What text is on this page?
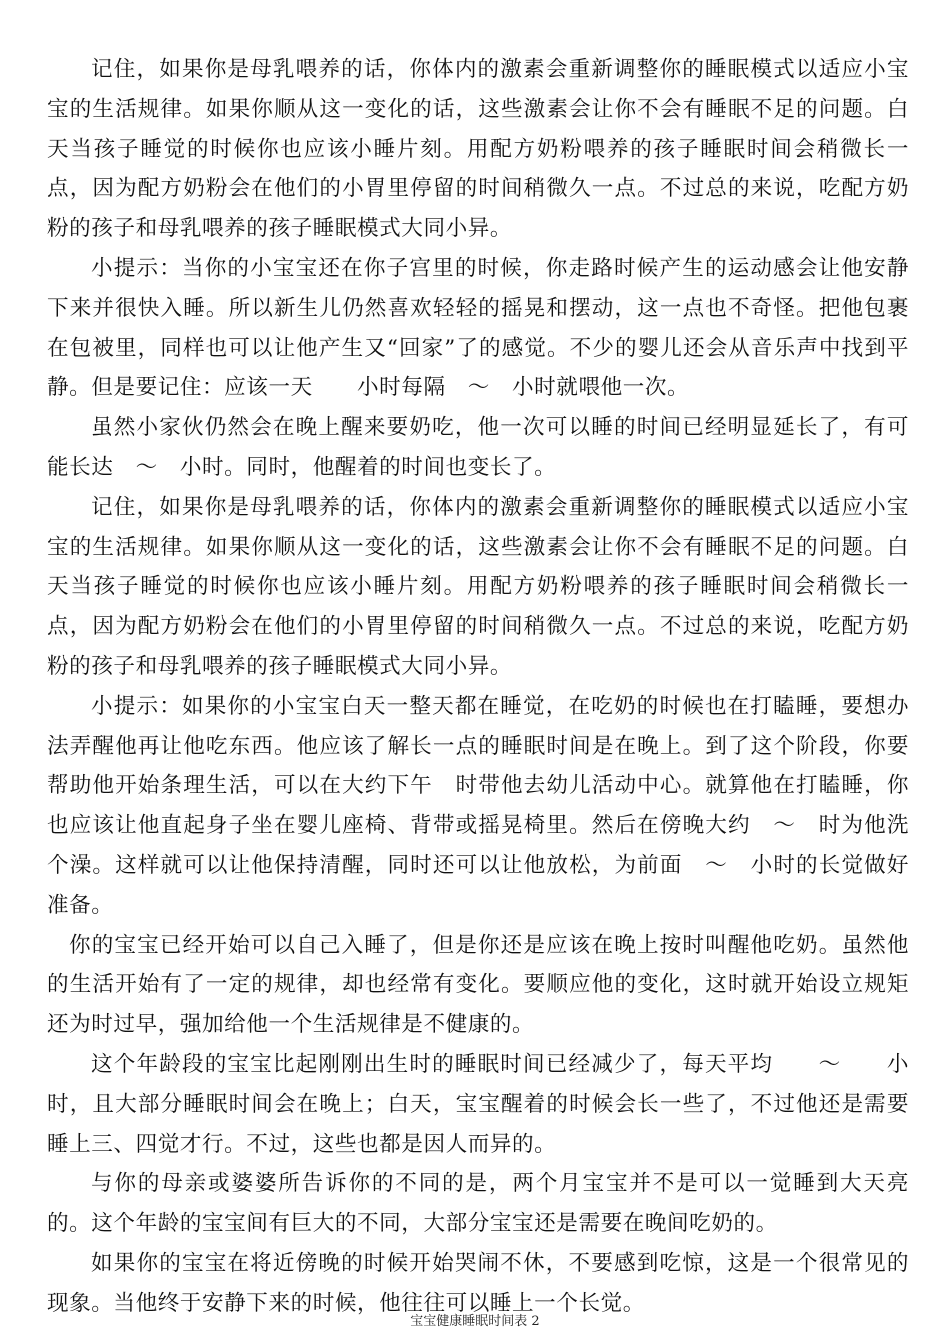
记住，如果你是母乳喂养的话，你体内的激素会重新调整你的睡眠模式以适应小宝宝的生活规律。如果你顺从这一变化的话，这些激素会让你不会有睡眠不足的问题。白天当孩子睡觉的时候你也应该小睡片刻。用配方奶粉喂养的孩子睡眠时间会稍微长一点，因为配方奶粉会在他们的小胃里停留的时间稍微久一点。不过总的来说，吃配方奶粉的孩子和母乳喂养的孩子睡眠模式大同小异。

小提示：当你的小宝宝还在你子宫里的时候，你走路时候产生的运动感会让他安静下来并很快入睡。所以新生儿仍然喜欢轻轻的摇晃和摆动，这一点也不奇怪。把他包裹在包被里，同样也可以让他产生又“回家”了的感觉。不少的婴儿还会从音乐声中找到平静。但是要记住：应该一天　　小时每隔　～　小时就喂他一次。

虽然小家伙仍然会在晚上醒来要奶吃，他一次可以睡的时间已经明显延长了，有可能长达　～　小时。同时，他醒着的时间也变长了。

记住，如果你是母乳喂养的话，你体内的激素会重新调整你的睡眠模式以适应小宝宝的生活规律。如果你顺从这一变化的话，这些激素会让你不会有睡眠不足的问题。白天当孩子睡觉的时候你也应该小睡片刻。用配方奶粉喂养的孩子睡眠时间会稍微长一点，因为配方奶粉会在他们的小胃里停留的时间稍微久一点。不过总的来说，吃配方奶粉的孩子和母乳喂养的孩子睡眠模式大同小异。

小提示：如果你的小宝宝白天一整天都在睡觉，在吃奶的时候也在打瞌睡，要想办法弄醒他再让他吃东西。他应该了解长一点的睡眠时间是在晚上。到了这个阶段，你要帮助他开始条理生活，可以在大约下午　时带他去幼儿活动中心。就算他在打瞌睡，你也应该让他直起身子坐在婴儿座椅、背带或摇晃椅里。然后在傍晚大约　～　时为他洗个澡。这样就可以让他保持清醒，同时还可以让他放松，为前面　～　小时的长觉做好准备。

你的宝宝已经开始可以自己入睡了，但是你还是应该在晚上按时叫醒他吃奶。虽然他的生活开始有了一定的规律，却也经常有变化。要顺应他的变化，这时就开始设立规矩还为时过早，强加给他一个生活规律是不健康的。

这个年龄段的宝宝比起刚刚出生时的睡眠时间已经减少了，每天平均　　～　　小时，且大部分睡眠时间会在晚上；白天，宝宝醒着的时候会长一些了，不过他还是需要睡上三、四觉才行。不过，这些也都是因人而异的。

与你的母亲或婆婆所告诉你的不同的是，两个月宝宝并不是可以一觉睡到大天亮的。这个年龄的宝宝间有巨大的不同，大部分宝宝还是需要在晚间吃奶的。

如果你的宝宝在将近傍晚的时候开始哭闹不休，不要感到吃惊，这是一个很常见的现象。当他终于安静下来的时候，他往往可以睡上一个长觉。

宝宝健康睡眠时间表 2
